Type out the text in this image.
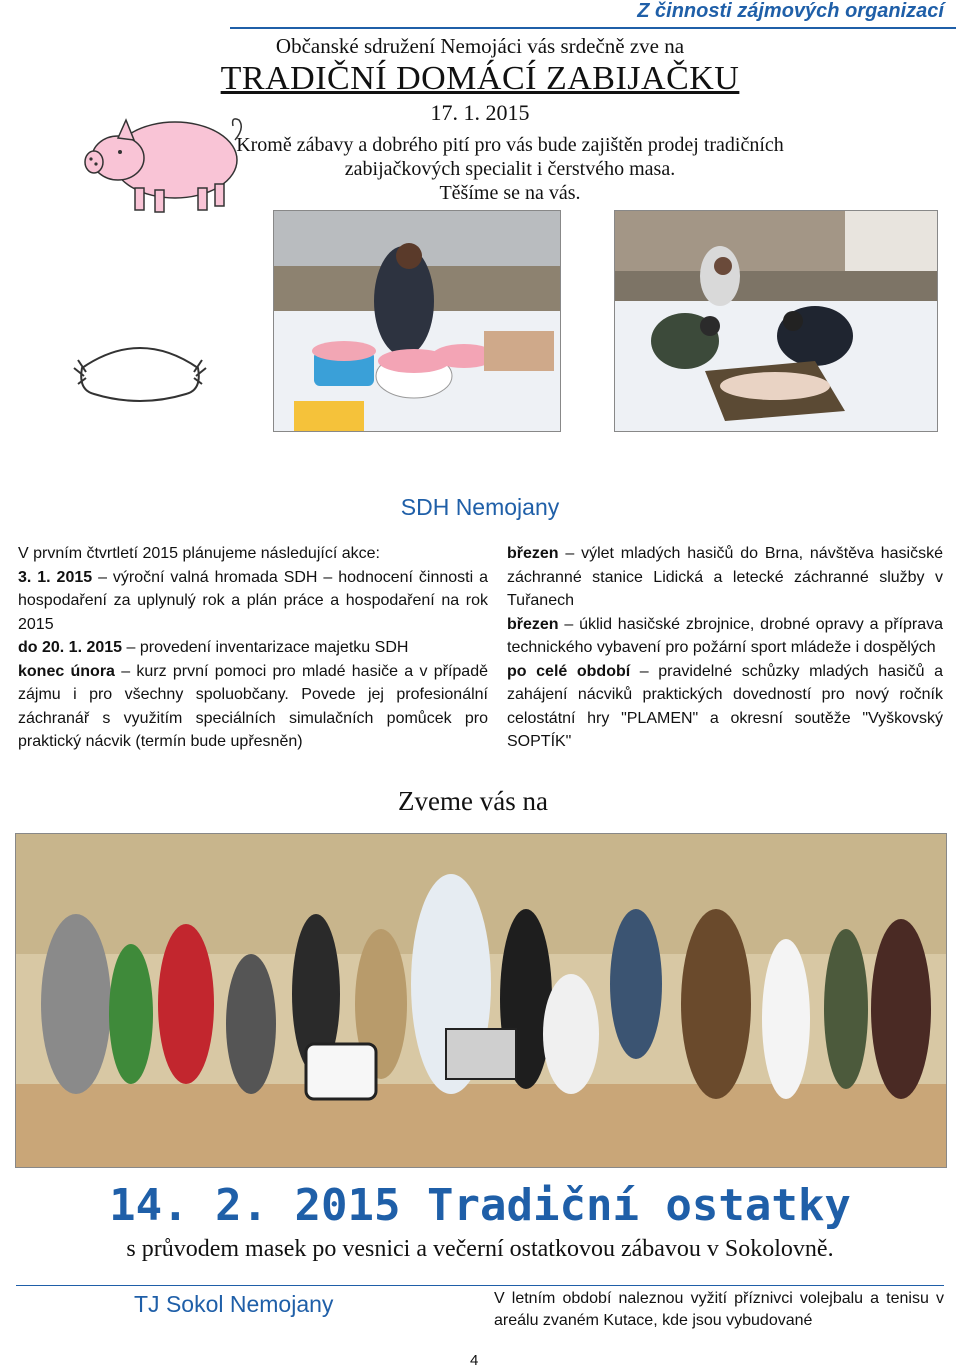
Z činnosti zájmových organizací
Občanské sdružení Nemojáci vás srdečně zve na
TRADIČNÍ DOMÁCÍ ZABIJAČKU
17. 1. 2015
Kromě zábavy a dobrého pití pro vás bude zajištěn prodej tradičních
zabijačkových specialit i čerstvého masa.
Těšíme se na vás.
SDH Nemojany

V prvním čtvrtletí 2015 plánujeme následující akce:

3. 1. 2015 – výroční valná hromada SDH – hodnocení činnosti a hospodaření za uplynulý rok a plán práce a hospodaření na rok 2015

do 20. 1. 2015 – provedení inventarizace majetku SDH

konec února – kurz první pomoci pro mladé hasiče a v případě zájmu i pro všechny spoluobčany. Povede jej profesionální záchranář s využitím speciálních simulačních pomůcek pro praktický nácvik (termín bude upřesněn)

březen – výlet mladých hasičů do Brna, návštěva hasičské záchranné stanice Lidická a letecké záchranné služby v Tuřanech

březen – úklid hasičské zbrojnice, drobné opravy a příprava technického vybavení pro požární sport mládeže i dospělých

po celé období – pravidelné schůzky mladých hasičů a zahájení nácviků praktických dovedností pro nový ročník celostátní hry "PLAMEN" a okresní soutěže "Vyškovský SOPTÍK"

Zveme vás na
14. 2. 2015 Tradiční ostatky
s průvodem masek po vesnici a večerní ostatkovou zábavou v Sokolovně.
TJ Sokol Nemojany	V letním období naleznou vyžití příznivci volejbalu a tenisu v areálu zvaném Kutace, kde jsou vybudované
4
